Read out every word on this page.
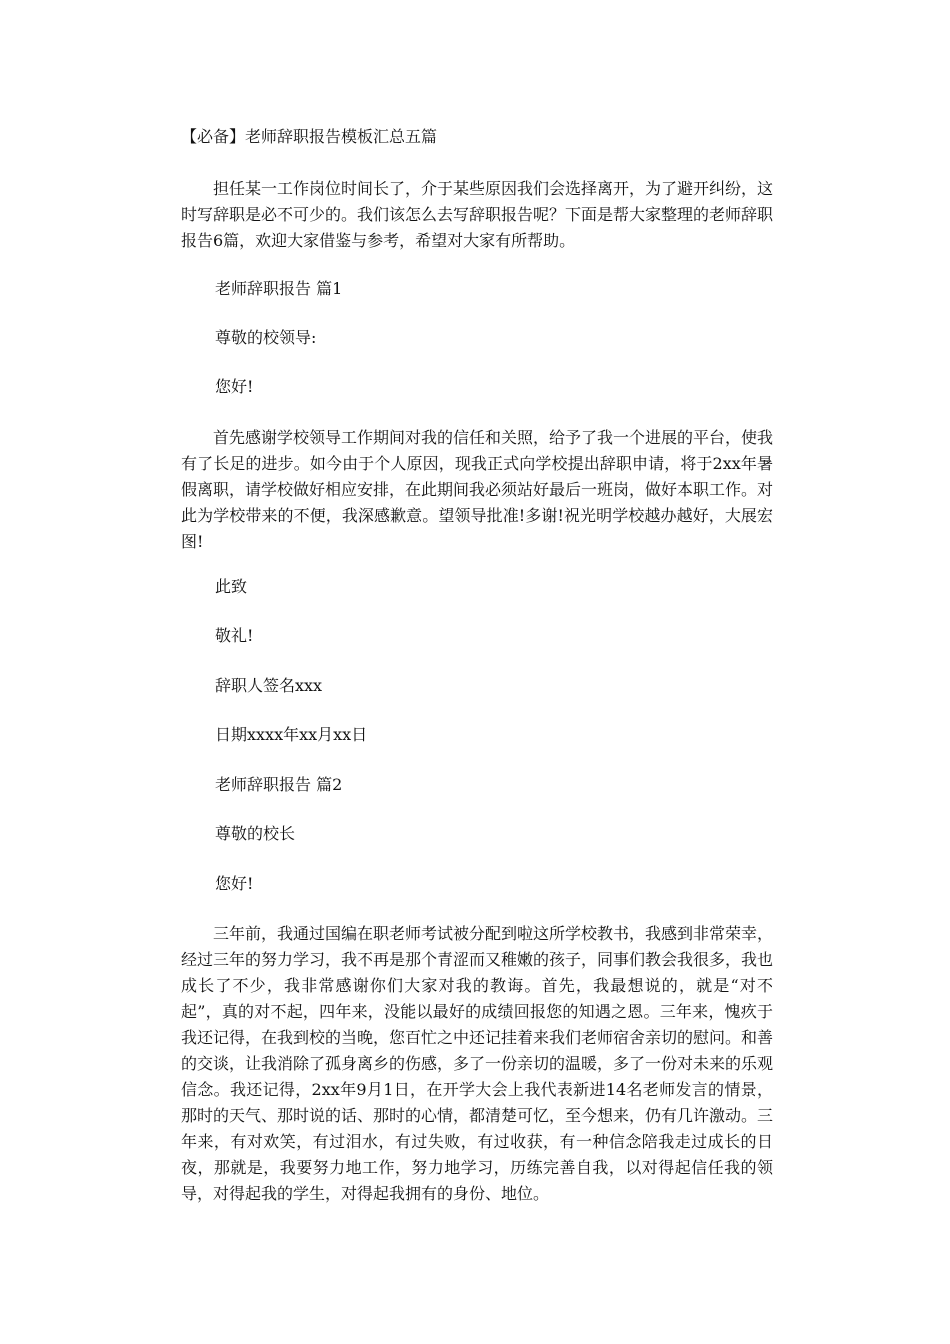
【必备】老师辞职报告模板汇总五篇
担任某一工作岗位时间长了，介于某些原因我们会选择离开，为了避开纠纷，这时写辞职是必不可少的。我们该怎么去写辞职报告呢？下面是帮大家整理的老师辞职报告6篇，欢迎大家借鉴与参考，希望对大家有所帮助。
老师辞职报告 篇1
尊敬的校领导:
您好!
首先感谢学校领导工作期间对我的信任和关照，给予了我一个进展的平台，使我有了长足的进步。如今由于个人原因，现我正式向学校提出辞职申请，将于2xx年暑假离职，请学校做好相应安排，在此期间我必须站好最后一班岗，做好本职工作。对此为学校带来的不便，我深感歉意。望领导批准!多谢!祝光明学校越办越好，大展宏图!
此致
敬礼!
辞职人签名xxx
日期xxxx年xx月xx日
老师辞职报告 篇2
尊敬的校长
您好!
三年前，我通过国编在职老师考试被分配到啦这所学校教书，我感到非常荣幸，经过三年的努力学习，我不再是那个青涩而又稚嫩的孩子，同事们教会我很多，我也成长了不少，我非常感谢你们大家对我的教诲。首先，我最想说的，就是“对不起”，真的对不起，四年来，没能以最好的成绩回报您的知遇之恩。三年来，愧疚于我还记得，在我到校的当晚，您百忙之中还记挂着来我们老师宿舍亲切的慰问。和善的交谈，让我消除了孤身离乡的伤感，多了一份亲切的温暖，多了一份对未来的乐观信念。我还记得，2xx年9月1日，在开学大会上我代表新进14名老师发言的情景，那时的天气、那时说的话、那时的心情，都清楚可忆，至今想来，仍有几许激动。三年来，有对欢笑，有过泪水，有过失败，有过收获，有一种信念陪我走过成长的日夜，那就是，我要努力地工作，努力地学习，历练完善自我，以对得起信任我的领导，对得起我的学生，对得起我拥有的身份、地位。
